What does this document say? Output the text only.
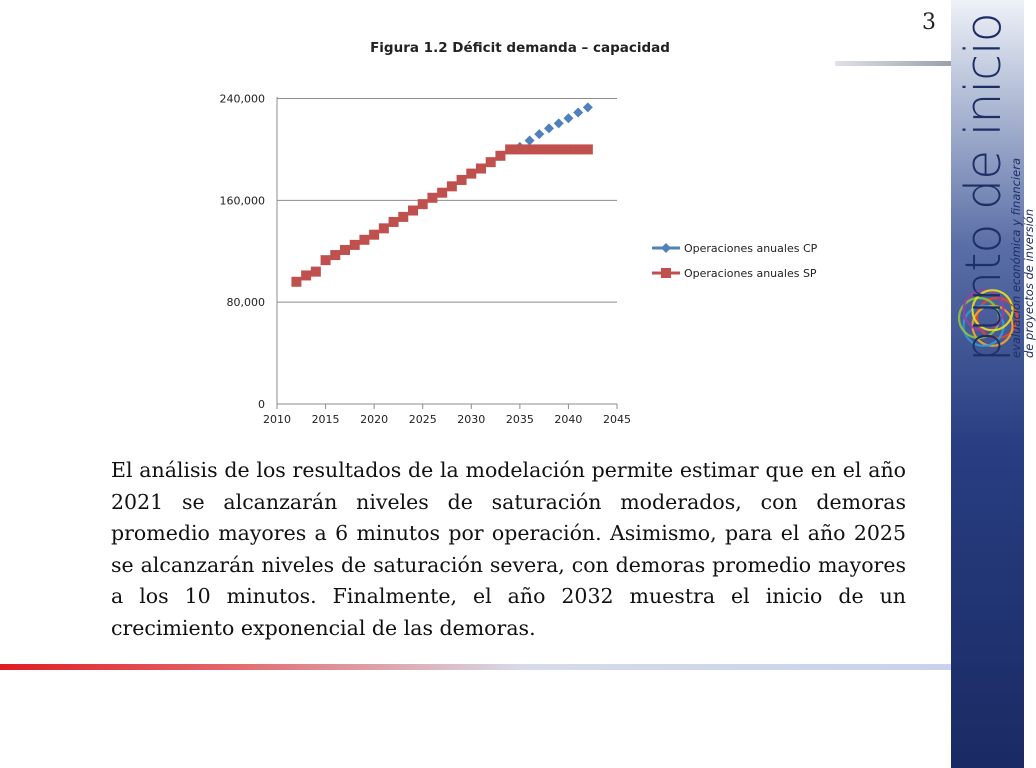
punto de inicio
evaluación económica y financiera de proyectos de inversión
3
Figura 1.2 Déficit demanda – capacidad
0
80,000
160,000
240,000
2010 2015 2020 2025 2030 2035 2040 2045
Operaciones anuales CP
Operaciones anuales SP

El análisis de los resultados de la modelación permite estimar que en el año 2021 se alcanzarán niveles de saturación moderados, con demoras promedio mayores a 6 minutos por operación. Asimismo, para el año 2025 se alcanzarán niveles de saturación severa, con demoras promedio mayores a los 10 minutos. Finalmente, el año 2032 muestra el inicio de un crecimiento exponencial de las demoras.
